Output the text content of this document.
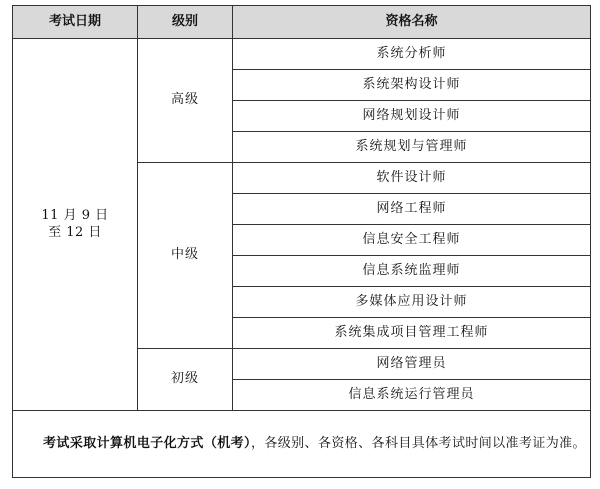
考试日期	级别	资格名称

11 月 9 日
至 12 日	高级	系统分析师
		系统架构设计师
		网络规划设计师
		系统规划与管理师
	中级	软件设计师
		网络工程师
		信息安全工程师
		信息系统监理师
		多媒体应用设计师
		系统集成项目管理工程师
	初级	网络管理员
		信息系统运行管理员
考试采取计算机电子化方式（机考），各级别、各资格、各科目具体考试时间以准考证为准。		
